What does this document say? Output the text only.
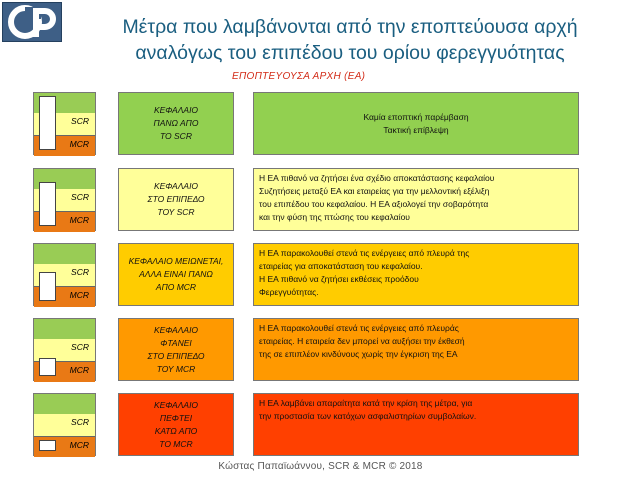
Μέτρα που λαμβάνονται από την εποπτεύουσα αρχή
αναλόγως του επιπέδου του ορίου φερεγγυότητας
ΕΠΟΠΤΕΥΟΥΣΑ ΑΡΧΗ (ΕΑ)
SCR
MCR
ΚΕΦΑΛΑΙΟ
ΠΑΝΩ ΑΠΟ
ΤΟ SCR
Καμία εποπτική παρέμβαση
Τακτική επίβλεψη
SCR
MCR
ΚΕΦΑΛΑΙΟ
ΣΤΟ ΕΠΙΠΕΔΟ
ΤΟΥ SCR
Η ΕΑ πιθανό να ζητήσει ένα σχέδιο αποκατάστασης κεφαλαίου
Συζητήσεις μεταξύ ΕΑ και εταιρείας για την μελλοντική εξέλιξη
του επιπέδου του κεφαλαίου. Η ΕΑ αξιολογεί την σοβαρότητα
και την φύση της πτώσης του κεφαλαίου
SCR
MCR
ΚΕΦΑΛΑΙΟ ΜΕΙΩΝΕΤΑΙ,
ΑΛΛΑ ΕΙΝΑΙ ΠΑΝΩ
ΑΠΟ MCR
Η ΕΑ παρακολουθεί στενά τις ενέργειες από πλευρά της
εταιρείας για αποκατάσταση του κεφαλαίου.
Η ΕΑ πιθανό να ζητήσει εκθέσεις προόδου
Φερεγγυότητας.
SCR
MCR
ΚΕΦΑΛΑΙΟ
ΦΤΑΝΕΙ
ΣΤΟ ΕΠΙΠΕΔΟ
ΤΟΥ MCR
Η ΕΑ παρακολουθεί στενά τις ενέργειες από πλευράς
εταιρείας. Η εταιρεία δεν μπορεί να αυξήσει την έκθεσή
της σε επιπλέον κινδύνους χωρίς την έγκριση της ΕΑ
SCR
MCR
ΚΕΦΑΛΑΙΟ
ΠΕΦΤΕΙ
ΚΑΤΩ ΑΠΟ
ΤΟ MCR
Η ΕΑ λαμβάνει απαραίτητα κατά την κρίση της μέτρα, για
την προστασία των κατόχων ασφαλιστηρίων συμβολαίων.
Κώστας Παπαϊωάννου, SCR & MCR © 2018
